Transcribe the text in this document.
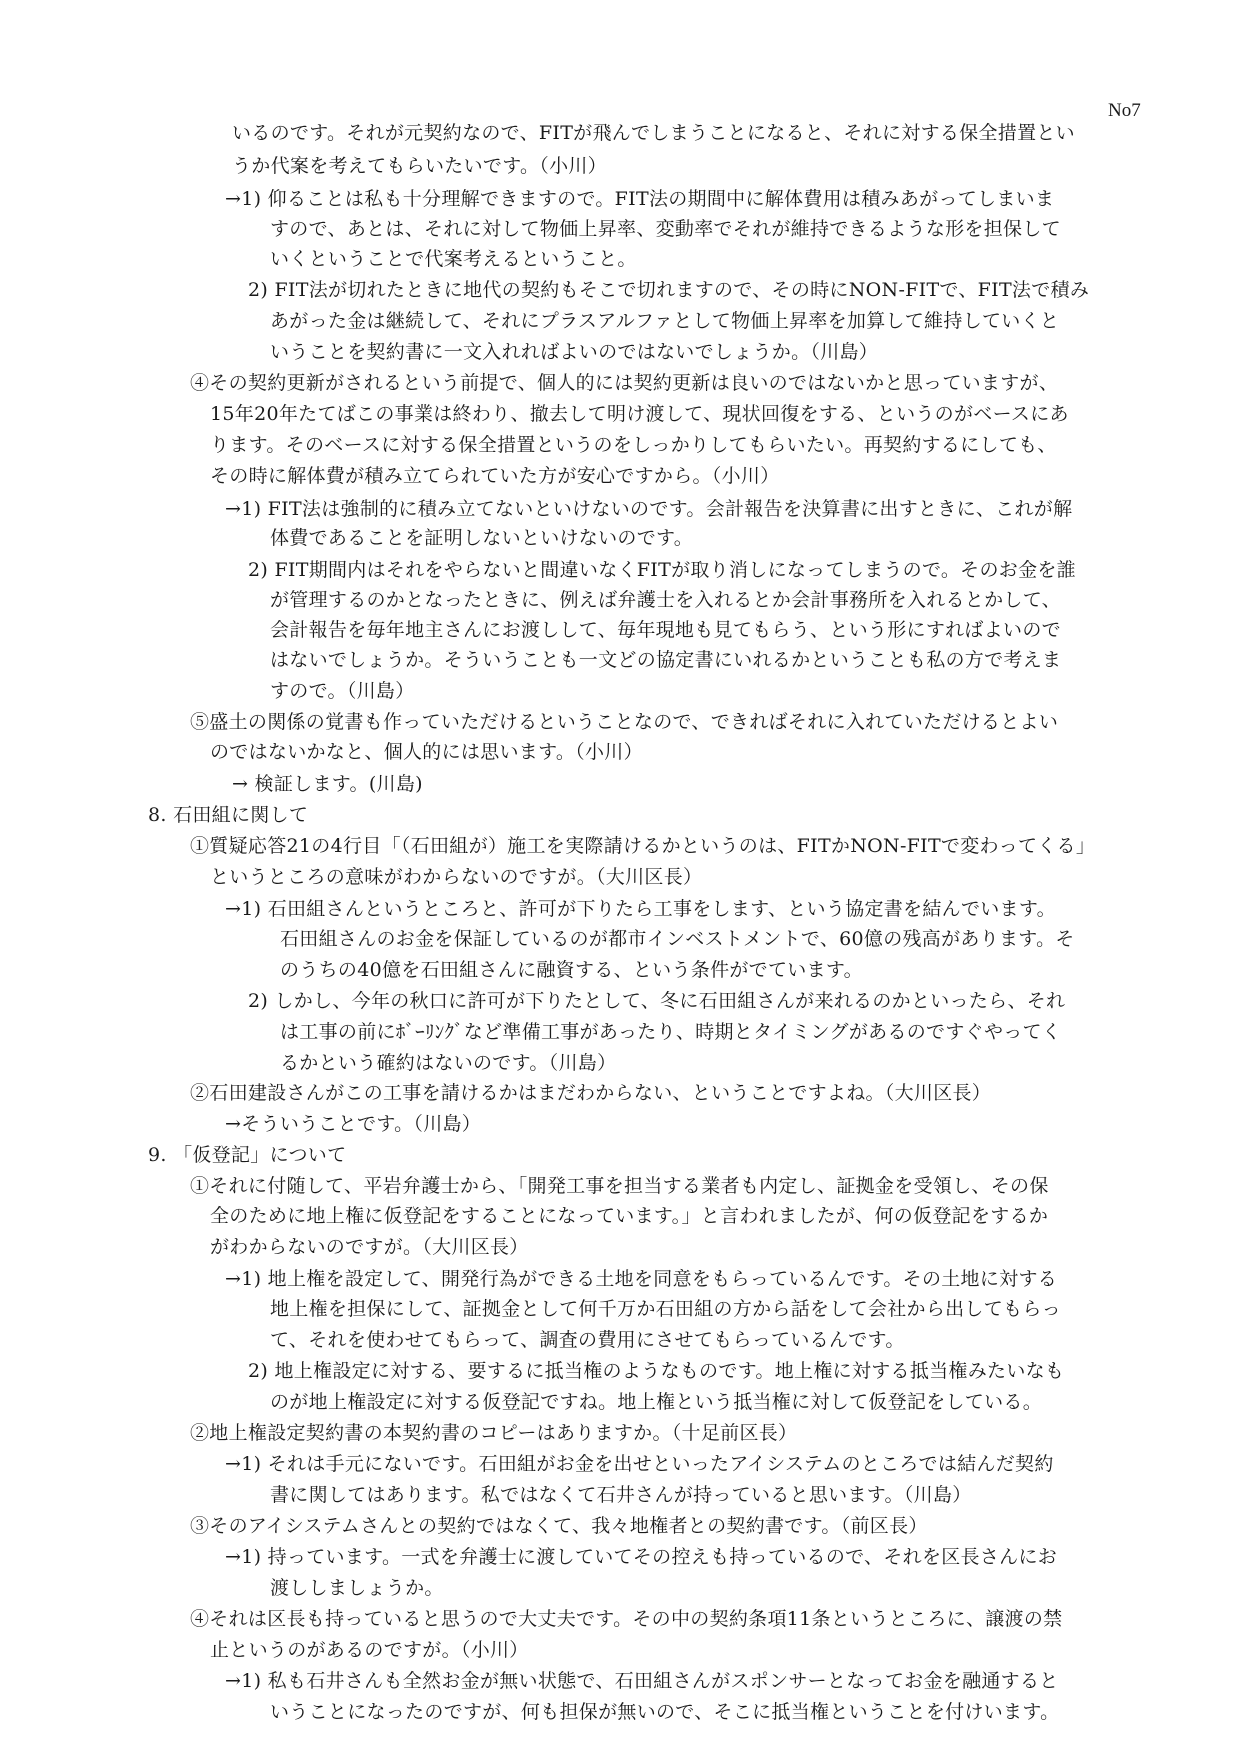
No7
いるのです。それが元契約なので、FITが飛んでしまうことになると、それに対する保全措置とい
うか代案を考えてもらいたいです。（小川）
→1) 仰ることは私も十分理解できますので。FIT法の期間中に解体費用は積みあがってしまいま
すので、あとは、それに対して物価上昇率、変動率でそれが維持できるような形を担保して
いくということで代案考えるということ。
2) FIT法が切れたときに地代の契約もそこで切れますので、その時にNON-FITで、FIT法で積み
あがった金は継続して、それにプラスアルファとして物価上昇率を加算して維持していくと
いうことを契約書に一文入れればよいのではないでしょうか。（川島）
④その契約更新がされるという前提で、個人的には契約更新は良いのではないかと思っていますが、
15年20年たてばこの事業は終わり、撤去して明け渡して、現状回復をする、というのがベースにあ
ります。そのベースに対する保全措置というのをしっかりしてもらいたい。再契約するにしても、
その時に解体費が積み立てられていた方が安心ですから。（小川）
→1) FIT法は強制的に積み立てないといけないのです。会計報告を決算書に出すときに、これが解
体費であることを証明しないといけないのです。
2) FIT期間内はそれをやらないと間違いなくFITが取り消しになってしまうので。そのお金を誰
が管理するのかとなったときに、例えば弁護士を入れるとか会計事務所を入れるとかして、
会計報告を毎年地主さんにお渡しして、毎年現地も見てもらう、という形にすればよいので
はないでしょうか。そういうことも一文どの協定書にいれるかということも私の方で考えま
すので。（川島）
⑤盛土の関係の覚書も作っていただけるということなので、できればそれに入れていただけるとよい
のではないかなと、個人的には思います。（小川）
→ 検証します。(川島)
8. 石田組に関して
①質疑応答21の4行目「（石田組が）施工を実際請けるかというのは、FITかNON-FITで変わってくる」
というところの意味がわからないのですが。（大川区長）
→1) 石田組さんというところと、許可が下りたら工事をします、という協定書を結んでいます。
石田組さんのお金を保証しているのが都市インベストメントで、60億の残高があります。そ
のうちの40億を石田組さんに融資する、という条件がでています。
2) しかし、今年の秋口に許可が下りたとして、冬に石田組さんが来れるのかといったら、それ
は工事の前にﾎﾞｰﾘﾝｸﾞなど準備工事があったり、時期とタイミングがあるのですぐやってく
るかという確約はないのです。（川島）
②石田建設さんがこの工事を請けるかはまだわからない、ということですよね。（大川区長）
→そういうことです。（川島）
9. 「仮登記」について
①それに付随して、平岩弁護士から、「開発工事を担当する業者も内定し、証拠金を受領し、その保
全のために地上権に仮登記をすることになっています。」と言われましたが、何の仮登記をするか
がわからないのですが。（大川区長）
→1) 地上権を設定して、開発行為ができる土地を同意をもらっているんです。その土地に対する
地上権を担保にして、証拠金として何千万か石田組の方から話をして会社から出してもらっ
て、それを使わせてもらって、調査の費用にさせてもらっているんです。
2) 地上権設定に対する、要するに抵当権のようなものです。地上権に対する抵当権みたいなも
のが地上権設定に対する仮登記ですね。地上権という抵当権に対して仮登記をしている。
②地上権設定契約書の本契約書のコピーはありますか。（十足前区長）
→1) それは手元にないです。石田組がお金を出せといったアイシステムのところでは結んだ契約
書に関してはあります。私ではなくて石井さんが持っていると思います。（川島）
③そのアイシステムさんとの契約ではなくて、我々地権者との契約書です。（前区長）
→1) 持っています。一式を弁護士に渡していてその控えも持っているので、それを区長さんにお
渡ししましょうか。
④それは区長も持っていると思うので大丈夫です。その中の契約条項11条というところに、譲渡の禁
止というのがあるのですが。（小川）
→1) 私も石井さんも全然お金が無い状態で、石田組さんがスポンサーとなってお金を融通すると
いうことになったのですが、何も担保が無いので、そこに抵当権ということを付けいます。
